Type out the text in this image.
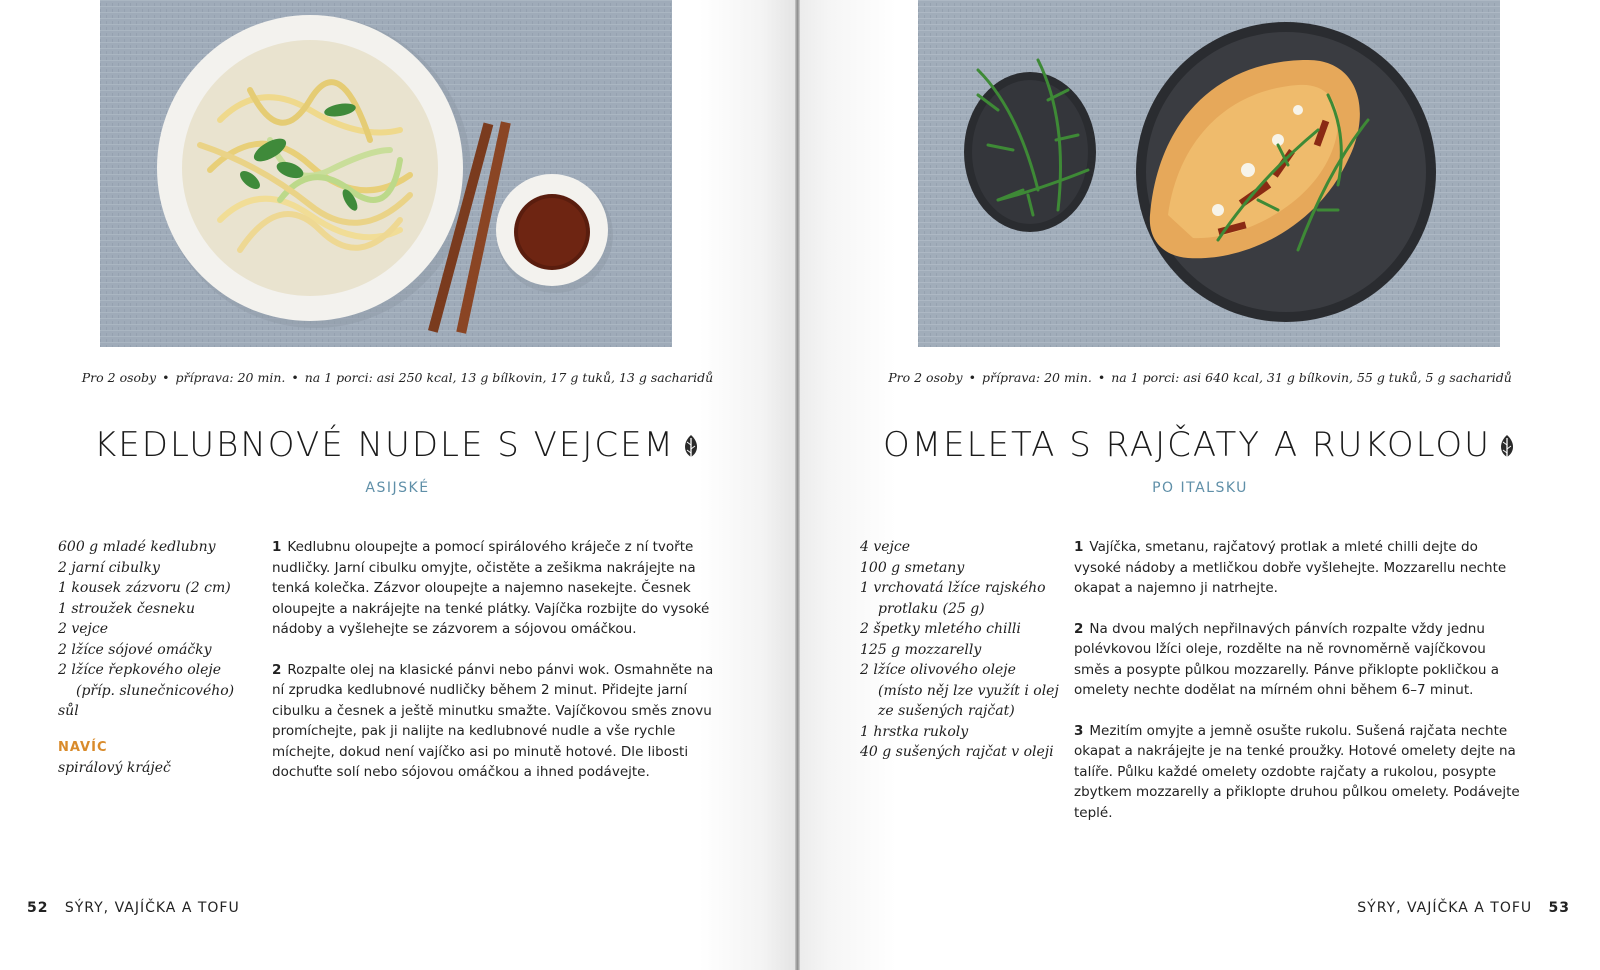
Pro 2 osoby • příprava: 20 min. • na 1 porci: asi 250 kcal, 13 g bílkovin, 17 g tuků, 13 g sacharidů
KEDLUBNOVÉ NUDLE S VEJCEM
ASIJSKÉ
600 g mladé kedlubny
2 jarní cibulky
1 kousek zázvoru (2 cm)
1 stroužek česneku
2 vejce
2 lžíce sójové omáčky
2 lžíce řepkového oleje
(příp. slunečnicového)
sůl
NAVÍC
spirálový kráječ

1 Kedlubnu oloupejte a pomocí spirálového kráječe z ní tvořte nudličky. Jarní cibulku omyjte, očistěte a zešikma nakrájejte na tenká kolečka. Zázvor oloupejte a najemno nasekejte. Česnek oloupejte a nakrájejte na tenké plátky. Vajíčka rozbijte do vysoké nádoby a vyšlehejte se zázvorem a sójovou omáčkou.

2 Rozpalte olej na klasické pánvi nebo pánvi wok. Osmahněte na ní zprudka kedlubnové nudličky během 2 minut. Přidejte jarní cibulku a česnek a ještě minutku smažte. Vajíčkovou směs znovu promíchejte, pak ji nalijte na kedlubnové nudle a vše rychle míchejte, dokud není vajíčko asi po minutě hotové. Dle libosti dochuťte solí nebo sójovou omáčkou a ihned podávejte.

52 SÝRY, VAJÍČKA A TOFU
Pro 2 osoby • příprava: 20 min. • na 1 porci: asi 640 kcal, 31 g bílkovin, 55 g tuků, 5 g sacharidů
OMELETA S RAJČATY A RUKOLOU
PO ITALSKU
4 vejce
100 g smetany
1 vrchovatá lžíce rajského
protlaku (25 g)
2 špetky mletého chilli
125 g mozzarelly
2 lžíce olivového oleje
(místo něj lze využít i olej
ze sušených rajčat)
1 hrstka rukoly
40 g sušených rajčat v oleji

1 Vajíčka, smetanu, rajčatový protlak a mleté chilli dejte do vysoké nádoby a metličkou dobře vyšlehejte. Mozzarellu nechte okapat a najemno ji natrhejte.

2 Na dvou malých nepřilnavých pánvích rozpalte vždy jednu polévkovou lžíci oleje, rozdělte na ně rovnoměrně vajíčkovou směs a posypte půlkou mozzarelly. Pánve přiklopte pokličkou a omelety nechte dodělat na mírném ohni během 6–7 minut.

3 Mezitím omyjte a jemně osušte rukolu. Sušená rajčata nechte okapat a nakrájejte je na tenké proužky. Hotové omelety dejte na talíře. Půlku každé omelety ozdobte rajčaty a rukolou, posypte zbytkem mozzarelly a přiklopte druhou půlkou omelety. Podávejte teplé.

SÝRY, VAJÍČKA A TOFU 53
